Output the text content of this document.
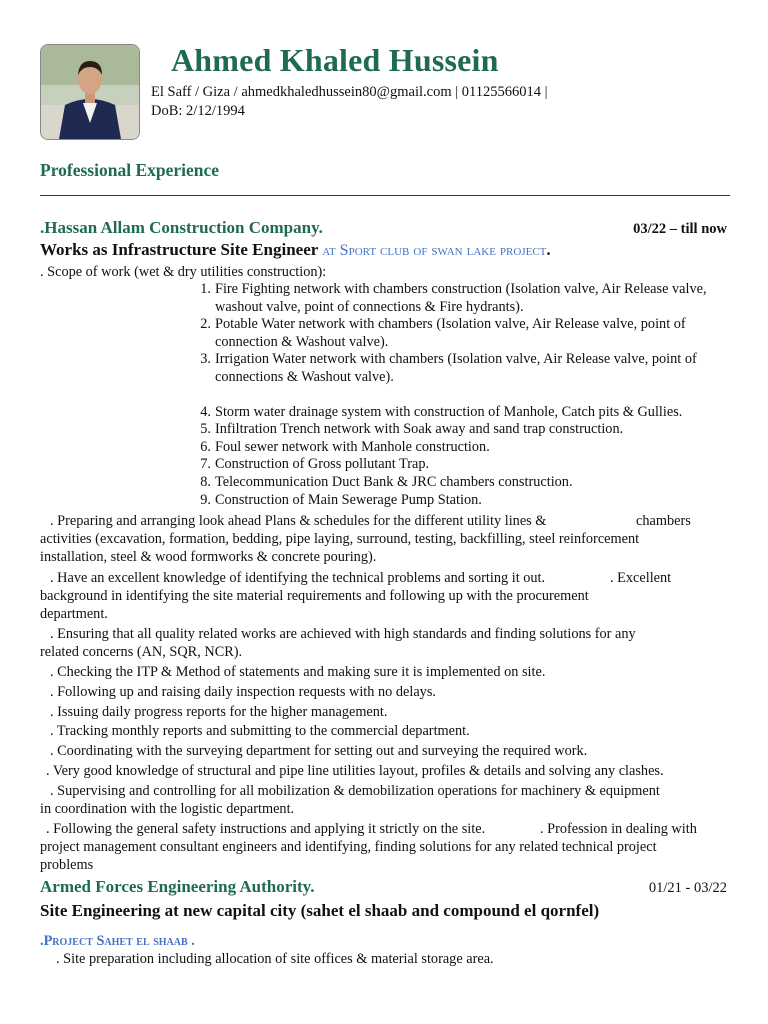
Ahmed Khaled Hussein
El Saff / Giza / ahmedkhaledhussein80@gmail.com | 01125566014 |
DoB: 2/12/1994
Professional Experience
.Hassan Allam Construction Company.	03/22 – till now
Works as Infrastructure Site Engineer at Sport club of swan lake project.
. Scope of work (wet & dry utilities construction):
1. Fire Fighting network with chambers construction (Isolation valve, Air Release valve, washout valve, point of connections & Fire hydrants).
2. Potable Water network with chambers (Isolation valve, Air Release valve, point of connection & Washout valve).
3. Irrigation Water network with chambers (Isolation valve, Air Release valve, point of connections & Washout valve).
4. Storm water drainage system with construction of Manhole, Catch pits & Gullies.
5. Infiltration Trench network with Soak away and sand trap construction.
6. Foul sewer network with Manhole construction.
7. Construction of Gross pollutant Trap.
8. Telecommunication Duct Bank & JRC chambers construction.
9. Construction of Main Sewerage Pump Station.
. Preparing and arranging look ahead Plans & schedules for the different utility lines &	chambers
activities (excavation, formation, bedding, pipe laying, surround, testing, backfilling, steel reinforcement
installation, steel & wood formworks & concrete pouring).
. Have an excellent knowledge of identifying the technical problems and sorting it out.	. Excellent
background in identifying the site material requirements and following up with the procurement
department.
. Ensuring that all quality related works are achieved with high standards and finding solutions for any
related concerns (AN, SQR, NCR).
. Checking the ITP & Method of statements and making sure it is implemented on site.
. Following up and raising daily inspection requests with no delays.
. Issuing daily progress reports for the higher management.
. Tracking monthly reports and submitting to the commercial department.
. Coordinating with the surveying department for setting out and surveying the required work.
. Very good knowledge of structural and pipe line utilities layout, profiles & details and solving any clashes.
. Supervising and controlling for all mobilization & demobilization operations for machinery & equipment
in coordination with the logistic department.
. Following the general safety instructions and applying it strictly on the site.	. Profession in dealing with
project management consultant engineers and identifying, finding solutions for any related technical project
problems
Armed Forces Engineering Authority.	01/21 - 03/22
Site Engineering at new capital city (sahet el shaab and compound el qornfel)
.Project Sahet el shaab .
. Site preparation including allocation of site offices & material storage area.
